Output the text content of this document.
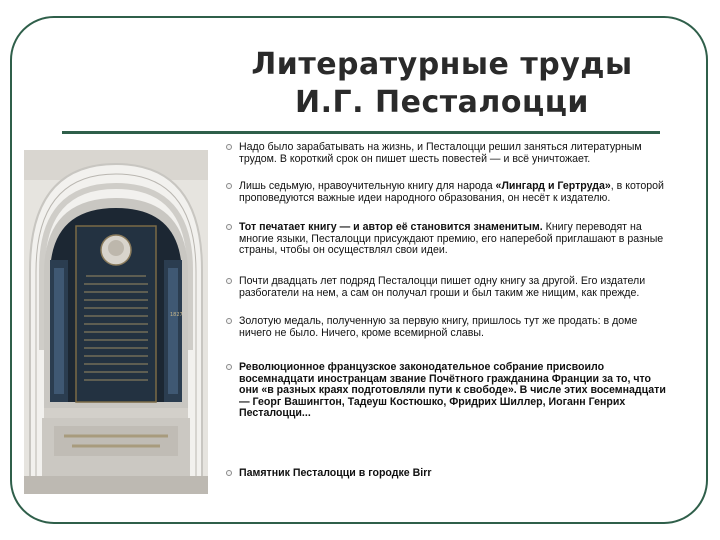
Литературные труды
И.Г. Песталоцци
1827
Надо было зарабатывать на жизнь, и Песталоцци решил заняться литературным трудом. В короткий срок он пишет шесть повестей — и всё уничтожает.
Лишь седьмую, нравоучительную книгу для народа «Лингард и Гертруда», в которой проповедуются важные идеи народного образования, он несёт к издателю.
Тот печатает книгу — и автор её становится знаменитым. Книгу переводят на многие языки, Песталоцци присуждают премию, его наперебой приглашают в разные страны, чтобы он осуществлял свои идеи.
Почти двадцать лет подряд Песталоцци пишет одну книгу за другой. Его издатели разбогатели на нем, а сам он получал гроши и был таким же нищим, как прежде.
Золотую медаль, полученную за первую книгу, пришлось тут же продать: в доме ничего не было. Ничего, кроме всемирной славы.
Революционное французское законодательное собрание присвоило восемнадцати иностранцам звание Почётного гражданина Франции за то, что они «в разных краях подготовляли пути к свободе». В числе этих восемнадцати — Георг Вашингтон, Тадеуш Костюшко, Фридрих Шиллер, Иоганн Генрих Песталоцци...
Памятник Песталоцци в городке Віrr
